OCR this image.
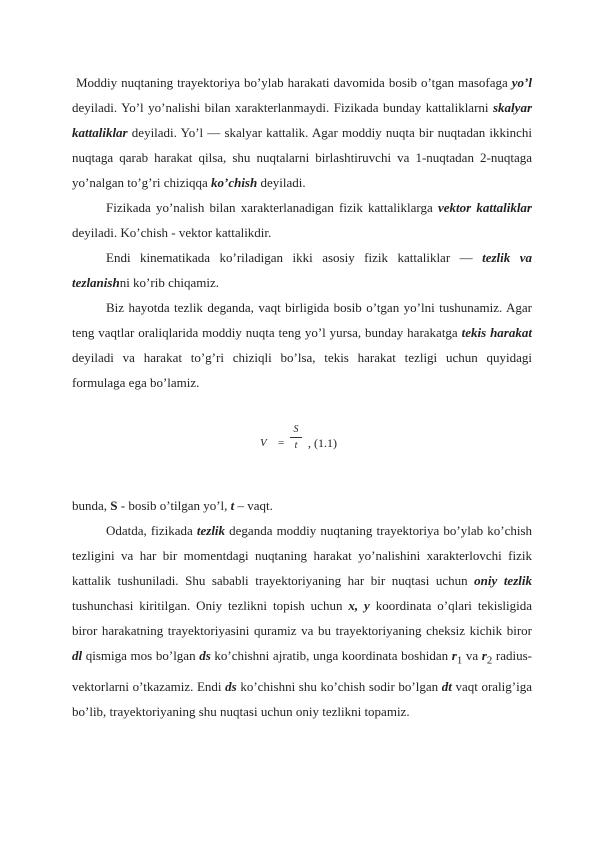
Moddiy nuqtaning trayektoriya bo’ylab harakati davomida bosib o’tgan masofaga yo’l deyiladi. Yo’l yo’nalishi bilan xarakterlanmaydi. Fizikada bunday kattaliklarni skalyar kattaliklar deyiladi. Yo’l — skalyar kattalik. Agar moddiy nuqta bir nuqtadan ikkinchi nuqtaga qarab harakat qilsa, shu nuqtalarni birlashtiruvchi va 1-nuqtadan 2-nuqtaga yo’nalgan to’g’ri chiziqqa ko’chish deyiladi.

Fizikada yo’nalish bilan xarakterlanadigan fizik kattaliklarga vektor kattaliklar deyiladi. Ko’chish - vektor kattalikdir.

Endi kinematikada ko’riladigan ikki asosiy fizik kattaliklar — tezlik va tezlanishni ko’rib chiqamiz.

Biz hayotda tezlik deganda, vaqt birligida bosib o’tgan yo’lni tushunamiz. Agar teng vaqtlar oraliqlarida moddiy nuqta teng yo’l yursa, bunday harakatga tekis harakat deyiladi va harakat to’g’ri chiziqli bo’lsa, tekis harakat tezligi uchun quyidagi formulaga ega bo’lamiz.

V =
S
t , (1.1)

bunda, S - bosib o’tilgan yo’l, t – vaqt.

Odatda, fizikada tezlik deganda moddiy nuqtaning trayektoriya bo’ylab ko’chish tezligini va har bir momentdagi nuqtaning harakat yo’nalishini xarakterlovchi fizik kattalik tushuniladi. Shu sababli trayektoriyaning har bir nuqtasi uchun oniy tezlik tushunchasi kiritilgan. Oniy tezlikni topish uchun x, y koordinata o’qlari tekisligida biror harakatning trayektoriyasini quramiz va bu trayektoriyaning cheksiz kichik biror dl qismiga mos bo’lgan ds ko’chishni ajratib, unga koordinata boshidan $r_1$ va $r_2$ radius-vektorlarni o’tkazamiz. Endi ds ko’chishni shu ko’chish sodir bo’lgan dt vaqt oralig’iga bo’lib, trayektoriyaning shu nuqtasi uchun oniy tezlikni topamiz.
